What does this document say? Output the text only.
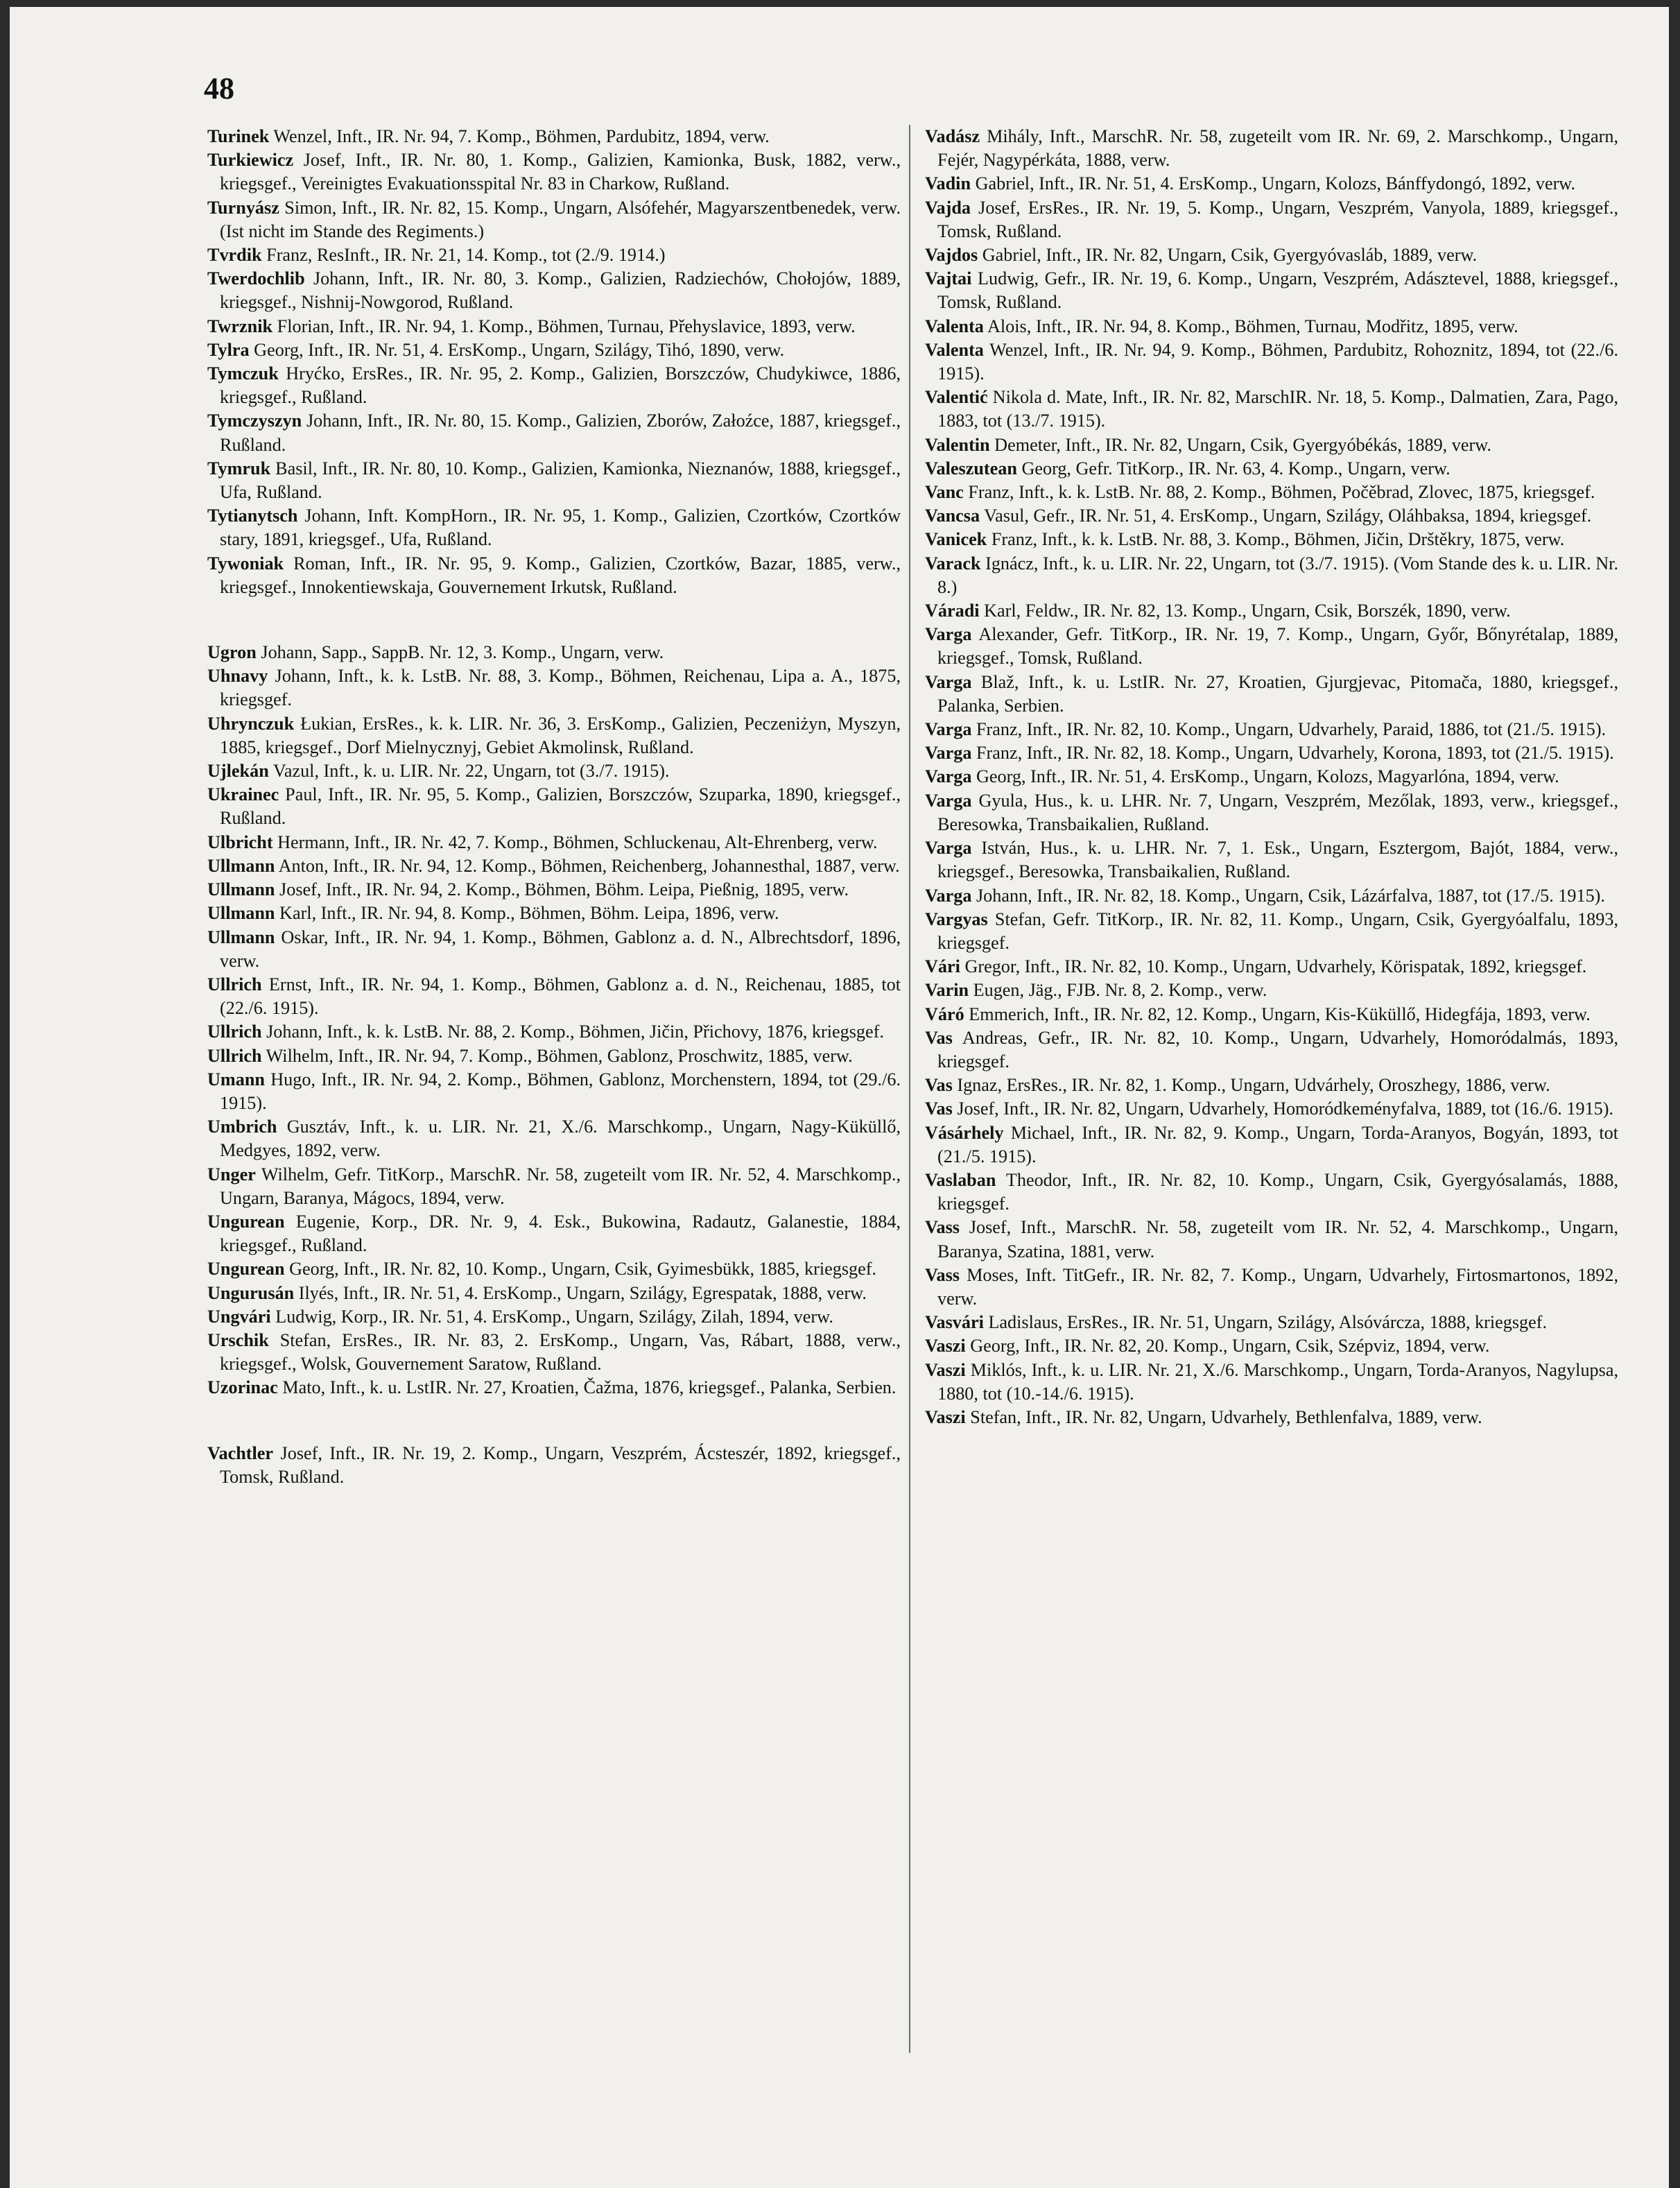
48

Turinek Wenzel, Inft., IR. Nr. 94, 7. Komp., Böhmen, Pardubitz, 1894, verw.

Turkiewicz Josef, Inft., IR. Nr. 80, 1. Komp., Galizien, Kamionka, Busk, 1882, verw., kriegsgef., Vereinigtes Evakuationsspital Nr. 83 in Charkow, Rußland.

Turnyász Simon, Inft., IR. Nr. 82, 15. Komp., Ungarn, Alsófehér, Magyarszentbenedek, verw. (Ist nicht im Stande des Regiments.)

Tvrdik Franz, ResInft., IR. Nr. 21, 14. Komp., tot (2./9. 1914.)

Twerdochlib Johann, Inft., IR. Nr. 80, 3. Komp., Galizien, Radziechów, Chołojów, 1889, kriegsgef., Nishnij-Nowgorod, Rußland.

Twrznik Florian, Inft., IR. Nr. 94, 1. Komp., Böhmen, Turnau, Přehyslavice, 1893, verw.

Tylra Georg, Inft., IR. Nr. 51, 4. ErsKomp., Ungarn, Szilágy, Tihó, 1890, verw.

Tymczuk Hryćko, ErsRes., IR. Nr. 95, 2. Komp., Galizien, Borszczów, Chudykiwce, 1886, kriegsgef., Rußland.

Tymczyszyn Johann, Inft., IR. Nr. 80, 15. Komp., Galizien, Zborów, Załoźce, 1887, kriegsgef., Rußland.

Tymruk Basil, Inft., IR. Nr. 80, 10. Komp., Galizien, Kamionka, Nieznanów, 1888, kriegsgef., Ufa, Rußland.

Tytianytsch Johann, Inft. KompHorn., IR. Nr. 95, 1. Komp., Galizien, Czortków, Czortków stary, 1891, kriegsgef., Ufa, Rußland.

Tywoniak Roman, Inft., IR. Nr. 95, 9. Komp., Galizien, Czortków, Bazar, 1885, verw., kriegsgef., Innokentiewskaja, Gouvernement Irkutsk, Rußland.

Ugron Johann, Sapp., SappB. Nr. 12, 3. Komp., Ungarn, verw.

Uhnavy Johann, Inft., k. k. LstB. Nr. 88, 3. Komp., Böhmen, Reichenau, Lipa a. A., 1875, kriegsgef.

Uhrynczuk Łukian, ErsRes., k. k. LIR. Nr. 36, 3. ErsKomp., Galizien, Peczeniżyn, Myszyn, 1885, kriegsgef., Dorf Mielnycznyj, Gebiet Akmolinsk, Rußland.

Ujlekán Vazul, Inft., k. u. LIR. Nr. 22, Ungarn, tot (3./7. 1915).

Ukrainec Paul, Inft., IR. Nr. 95, 5. Komp., Galizien, Borszczów, Szuparka, 1890, kriegsgef., Rußland.

Ulbricht Hermann, Inft., IR. Nr. 42, 7. Komp., Böhmen, Schluckenau, Alt-Ehrenberg, verw.

Ullmann Anton, Inft., IR. Nr. 94, 12. Komp., Böhmen, Reichenberg, Johannesthal, 1887, verw.

Ullmann Josef, Inft., IR. Nr. 94, 2. Komp., Böhmen, Böhm. Leipa, Pießnig, 1895, verw.

Ullmann Karl, Inft., IR. Nr. 94, 8. Komp., Böhmen, Böhm. Leipa, 1896, verw.

Ullmann Oskar, Inft., IR. Nr. 94, 1. Komp., Böhmen, Gablonz a. d. N., Albrechtsdorf, 1896, verw.

Ullrich Ernst, Inft., IR. Nr. 94, 1. Komp., Böhmen, Gablonz a. d. N., Reichenau, 1885, tot (22./6. 1915).

Ullrich Johann, Inft., k. k. LstB. Nr. 88, 2. Komp., Böhmen, Jičin, Přichovy, 1876, kriegsgef.

Ullrich Wilhelm, Inft., IR. Nr. 94, 7. Komp., Böhmen, Gablonz, Proschwitz, 1885, verw.

Umann Hugo, Inft., IR. Nr. 94, 2. Komp., Böhmen, Gablonz, Morchenstern, 1894, tot (29./6. 1915).

Umbrich Gusztáv, Inft., k. u. LIR. Nr. 21, X./6. Marschkomp., Ungarn, Nagy-Küküllő, Medgyes, 1892, verw.

Unger Wilhelm, Gefr. TitKorp., MarschR. Nr. 58, zugeteilt vom IR. Nr. 52, 4. Marschkomp., Ungarn, Baranya, Mágocs, 1894, verw.

Ungurean Eugenie, Korp., DR. Nr. 9, 4. Esk., Bukowina, Radautz, Galanestie, 1884, kriegsgef., Rußland.

Ungurean Georg, Inft., IR. Nr. 82, 10. Komp., Ungarn, Csik, Gyimesbükk, 1885, kriegsgef.

Ungurusán Ilyés, Inft., IR. Nr. 51, 4. ErsKomp., Ungarn, Szilágy, Egrespatak, 1888, verw.

Ungvári Ludwig, Korp., IR. Nr. 51, 4. ErsKomp., Ungarn, Szilágy, Zilah, 1894, verw.

Urschik Stefan, ErsRes., IR. Nr. 83, 2. ErsKomp., Ungarn, Vas, Rábart, 1888, verw., kriegsgef., Wolsk, Gouvernement Saratow, Rußland.

Uzorinac Mato, Inft., k. u. LstIR. Nr. 27, Kroatien, Čažma, 1876, kriegsgef., Palanka, Serbien.

Vachtler Josef, Inft., IR. Nr. 19, 2. Komp., Ungarn, Veszprém, Ácsteszér, 1892, kriegsgef., Tomsk, Rußland.

Vadász Mihály, Inft., MarschR. Nr. 58, zugeteilt vom IR. Nr. 69, 2. Marschkomp., Ungarn, Fejér, Nagypérkáta, 1888, verw.

Vadin Gabriel, Inft., IR. Nr. 51, 4. ErsKomp., Ungarn, Kolozs, Bánffydongó, 1892, verw.

Vajda Josef, ErsRes., IR. Nr. 19, 5. Komp., Ungarn, Veszprém, Vanyola, 1889, kriegsgef., Tomsk, Rußland.

Vajdos Gabriel, Inft., IR. Nr. 82, Ungarn, Csik, Gyergyóvasláb, 1889, verw.

Vajtai Ludwig, Gefr., IR. Nr. 19, 6. Komp., Ungarn, Veszprém, Adásztevel, 1888, kriegsgef., Tomsk, Rußland.

Valenta Alois, Inft., IR. Nr. 94, 8. Komp., Böhmen, Turnau, Modřitz, 1895, verw.

Valenta Wenzel, Inft., IR. Nr. 94, 9. Komp., Böhmen, Pardubitz, Rohoznitz, 1894, tot (22./6. 1915).

Valentić Nikola d. Mate, Inft., IR. Nr. 82, MarschIR. Nr. 18, 5. Komp., Dalmatien, Zara, Pago, 1883, tot (13./7. 1915).

Valentin Demeter, Inft., IR. Nr. 82, Ungarn, Csik, Gyergyóbékás, 1889, verw.

Valeszutean Georg, Gefr. TitKorp., IR. Nr. 63, 4. Komp., Ungarn, verw.

Vanc Franz, Inft., k. k. LstB. Nr. 88, 2. Komp., Böhmen, Počěbrad, Zlovec, 1875, kriegsgef.

Vancsa Vasul, Gefr., IR. Nr. 51, 4. ErsKomp., Ungarn, Szilágy, Oláhbaksa, 1894, kriegsgef.

Vanicek Franz, Inft., k. k. LstB. Nr. 88, 3. Komp., Böhmen, Jičin, Drštěkry, 1875, verw.

Varack Ignácz, Inft., k. u. LIR. Nr. 22, Ungarn, tot (3./7. 1915). (Vom Stande des k. u. LIR. Nr. 8.)

Váradi Karl, Feldw., IR. Nr. 82, 13. Komp., Ungarn, Csik, Borszék, 1890, verw.

Varga Alexander, Gefr. TitKorp., IR. Nr. 19, 7. Komp., Ungarn, Győr, Bőnyrétalap, 1889, kriegsgef., Tomsk, Rußland.

Varga Blaž, Inft., k. u. LstIR. Nr. 27, Kroatien, Gjurgjevac, Pitomača, 1880, kriegsgef., Palanka, Serbien.

Varga Franz, Inft., IR. Nr. 82, 10. Komp., Ungarn, Udvarhely, Paraid, 1886, tot (21./5. 1915).

Varga Franz, Inft., IR. Nr. 82, 18. Komp., Ungarn, Udvarhely, Korona, 1893, tot (21./5. 1915).

Varga Georg, Inft., IR. Nr. 51, 4. ErsKomp., Ungarn, Kolozs, Magyarlóna, 1894, verw.

Varga Gyula, Hus., k. u. LHR. Nr. 7, Ungarn, Veszprém, Mezőlak, 1893, verw., kriegsgef., Beresowka, Transbaikalien, Rußland.

Varga István, Hus., k. u. LHR. Nr. 7, 1. Esk., Ungarn, Esztergom, Bajót, 1884, verw., kriegsgef., Beresowka, Transbaikalien, Rußland.

Varga Johann, Inft., IR. Nr. 82, 18. Komp., Ungarn, Csik, Lázárfalva, 1887, tot (17./5. 1915).

Vargyas Stefan, Gefr. TitKorp., IR. Nr. 82, 11. Komp., Ungarn, Csik, Gyergyóalfalu, 1893, kriegsgef.

Vári Gregor, Inft., IR. Nr. 82, 10. Komp., Ungarn, Udvarhely, Körispatak, 1892, kriegsgef.

Varin Eugen, Jäg., FJB. Nr. 8, 2. Komp., verw.

Váró Emmerich, Inft., IR. Nr. 82, 12. Komp., Ungarn, Kis-Küküllő, Hidegfája, 1893, verw.

Vas Andreas, Gefr., IR. Nr. 82, 10. Komp., Ungarn, Udvarhely, Homoródalmás, 1893, kriegsgef.

Vas Ignaz, ErsRes., IR. Nr. 82, 1. Komp., Ungarn, Udvárhely, Oroszhegy, 1886, verw.

Vas Josef, Inft., IR. Nr. 82, Ungarn, Udvarhely, Homoródkeményfalva, 1889, tot (16./6. 1915).

Vásárhely Michael, Inft., IR. Nr. 82, 9. Komp., Ungarn, Torda-Aranyos, Bogyán, 1893, tot (21./5. 1915).

Vaslaban Theodor, Inft., IR. Nr. 82, 10. Komp., Ungarn, Csik, Gyergyósalamás, 1888, kriegsgef.

Vass Josef, Inft., MarschR. Nr. 58, zugeteilt vom IR. Nr. 52, 4. Marschkomp., Ungarn, Baranya, Szatina, 1881, verw.

Vass Moses, Inft. TitGefr., IR. Nr. 82, 7. Komp., Ungarn, Udvarhely, Firtosmartonos, 1892, verw.

Vasvári Ladislaus, ErsRes., IR. Nr. 51, Ungarn, Szilágy, Alsóvárcza, 1888, kriegsgef.

Vaszi Georg, Inft., IR. Nr. 82, 20. Komp., Ungarn, Csik, Szépviz, 1894, verw.

Vaszi Miklós, Inft., k. u. LIR. Nr. 21, X./6. Marschkomp., Ungarn, Torda-Aranyos, Nagylupsa, 1880, tot (10.-14./6. 1915).

Vaszi Stefan, Inft., IR. Nr. 82, Ungarn, Udvarhely, Bethlenfalva, 1889, verw.
